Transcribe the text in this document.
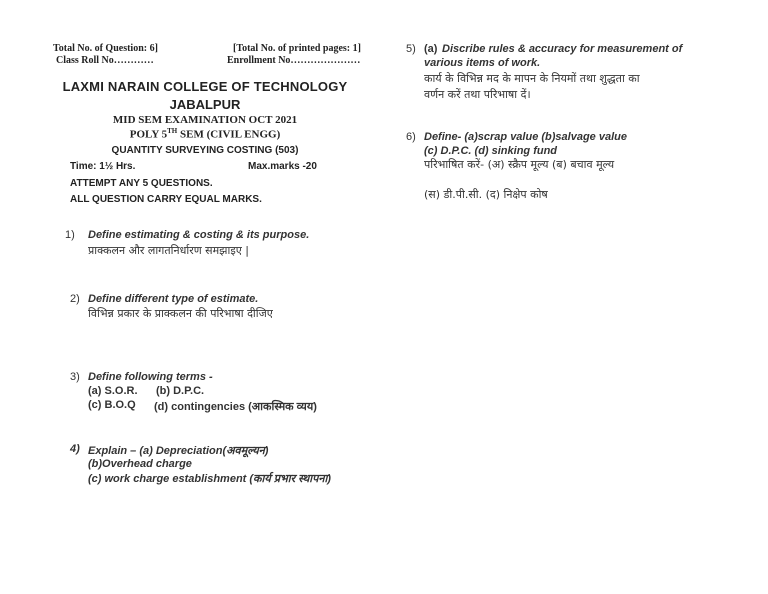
Total No. of Question: 6]	[Total No. of printed pages: 1]
Class Roll No…………	Enrollment No…………………
LAXMI NARAIN COLLEGE OF TECHNOLOGY
JABALPUR
MID SEM EXAMINATION OCT 2021
POLY 5TH SEM (CIVIL ENGG)
QUANTITY SURVEYING COSTING (503)
Time: 1½ Hrs.	Max.marks -20
ATTEMPT ANY 5 QUESTIONS.
ALL QUESTION CARRY EQUAL MARKS.
1) Define estimating & costing & its purpose.
प्राक्कलन और लागतनिर्धारण समझाइए |
2) Define different type of estimate.
विभिन्न प्रकार के प्राक्कलन की परिभाषा दीजिए
3) Define following terms -
(a) S.O.R. (b) D.P.C.
(c) B.O.Q (d) contingencies (आकस्मिक व्यय)
4) Explain – (a) Depreciation(अवमूल्यन)
(b)Overhead charge
(c) work charge establishment (कार्य प्रभार स्थापना)
5) (a) Discribe rules & accuracy for measurement of
various items of work.
कार्य के विभिन्न मद के मापन के नियमों तथा शुद्धता का
वर्णन करें तथा परिभाषा दें।
6) Define- (a)scrap value (b)salvage value
(c) D.P.C. (d) sinking fund
परिभाषित करें- (अ) स्क्रैप मूल्य (ब) बचाव मूल्य
(स) डी.पी.सी. (द) निक्षेप कोष
